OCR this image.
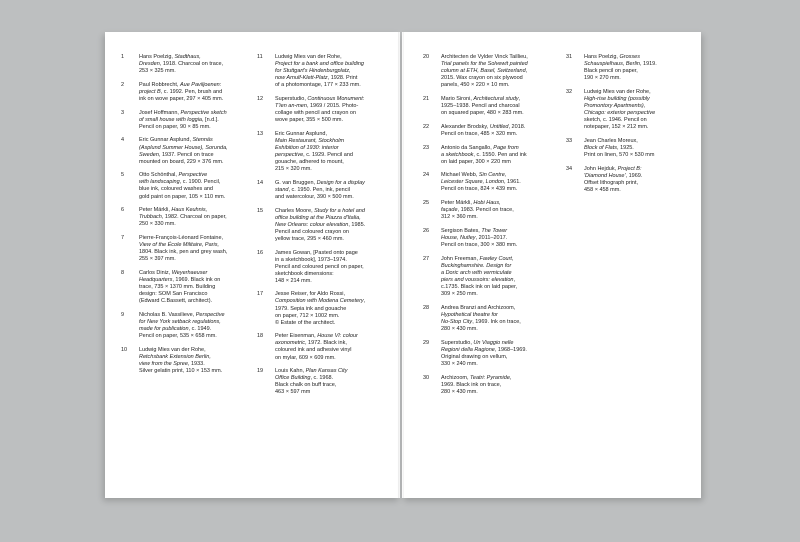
1	Hans Poelzig, Stadthaus,
Dresden, 1918. Charcoal on trace,
253 × 325 mm.
2	Paul Robbrecht, Aue Paviljoenen:
project B, c. 1992. Pen, brush and
ink on wove paper, 297 × 405 mm.
3	Josef Hoffmann, Perspective sketch
of small house with loggia, [n.d.].
Pencil on paper, 90 × 85 mm.
4	Eric Gunnar Asplund, Stennäs
(Asplund Summer House), Sorunda,
Sweden, 1937. Pencil on trace
mounted on board, 229 × 376 mm.
5	Otto Schönthal, Perspective
with landscaping, c. 1900. Pencil,
blue ink, coloured washes and
gold paint on paper, 105 × 110 mm.
6	Peter Märkli, Haus Keuhnis,
Trubbach, 1982. Charcoal on paper,
250 × 330 mm.
7	Pierre-François-Léonard Fontaine,
View of the École Militaire, Paris,
1804. Black ink, pen and grey wash,
255 × 397 mm.
8	Carlos Diniz, Weyerhaeuser
Headquarters, 1969. Black ink on
trace, 735 × 1370 mm. Building
design: SOM San Francisco
(Edward C.Bassett, architect).
9	Nicholas B. Vassilieve, Perspective
for New York setback regulations,
made for publication, c. 1949.
Pencil on paper, 535 × 658 mm.
10	Ludwig Mies van der Rohe,
Retchsbank Extension Berlin,
view from the Spree, 1933.
Silver gelatin print, 110 × 153 mm.
11	Ludwig Mies van der Rohe,
Project for a bank and office building
for Stuttgart's Hindenburgplatz,
now Arnulf-Klett-Platz, 1928. Print
of a photomontage, 177 × 233 mm.
12	Superstudio, Continuous Monument:
T'ien an-men, 1969 / 2015. Photo-
collage with pencil and crayon on
wove paper, 355 × 500 mm.
13	Eric Gunnar Asplund,
Main Restaurant, Stockholm
Exhibition of 1930: interior
perspective, c. 1929. Pencil and
gouache, adhered to mount,
215 × 320 mm.
14	G. van Bruggen, Design for a display
stand, c. 1950. Pen, ink, pencil
and watercolour, 390 × 500 mm.
15	Charles Moore, Study for a hotel and
office building at the Piazza d'Italia,
New Orleans: colour elevation, 1985.
Pencil and coloured crayon on
yellow trace, 295 × 460 mm.
16	James Gowan, [Pasted onto page
in a sketchbook], 1973–1974.
Pencil and coloured pencil on paper,
sketchbook dimensions:
148 × 214 mm.
17	Jesse Reiser, for Aldo Rossi,
Composition with Modena Cemetery,
1979. Sepia ink and gouache
on paper, 712 × 1002 mm.
© Estate of the architect.
18	Peter Eisenman, House VI: colour
axonometric, 1972. Black ink,
coloured ink and adhesive vinyl
on mylar, 609 × 609 mm.
19	Louis Kahn, Plan Kansas City
Office Building, c. 1968.
Black chalk on buff trace,
463 × 597 mm
20	Architecten de Vylder Vinck Taillieu,
Trial panels for the Solvewit painted
column at ETH, Basel, Switzerland,
2015. Wax crayon on six plywood
panels, 450 × 220 × 10 mm.
21	Mario Sironi, Architectural study,
1925–1938. Pencil and charcoal
on squared paper, 480 × 283 mm.
22	Alexander Brodsky, Untitled, 2018.
Pencil on trace, 485 × 320 mm.
23	Antonio da Sangallo, Page from
a sketchbook, c. 1550. Pen and ink
on laid paper, 300 × 220 mm
24	Michael Webb, Sin Centre,
Leicester Square, London, 1961.
Pencil on trace, 824 × 439 mm.
25	Peter Märkli, Hobi Haus,
façade, 1983. Pencil on trace,
312 × 360 mm.
26	Sergison Bates, The Tower
House, Nutley, 2011–2017.
Pencil on trace, 300 × 380 mm.
27	John Freeman, Fawley Court,
Buckinghamshire. Design for
a Doric arch with vermiculate
piers and voussoirs: elevation,
c.1735. Black ink on laid paper,
309 × 250 mm.
28	Andrea Branzi and Archizoom,
Hypothetical theatre for
No-Stop City, 1969. Ink on trace,
280 × 430 mm.
29	Superstudio, Un Viaggio nelle
Regioni della Ragione, 1968–1969.
Original drawing on vellum,
330 × 240 mm.
30	Archizoom, Teatri: Pyramide,
1969. Black ink on trace,
280 × 430 mm.
31	Hans Poelzig, Grosses
Schauspielhaus, Berlin, 1919.
Black pencil on paper,
190 × 270 mm.
32	Ludwig Mies van der Rohe,
High-rise building (possibly
Promontory Apartments),
Chicago: exterior perspective
sketch, c. 1946. Pencil on
notepaper, 152 × 212 mm.
33	Jean Charles Moreux,
Block of Flats, 1925.
Print on linen, 570 × 530 mm
34	John Hejduk, Project B:
'Diamond House', 1969.
Offset lithograph print,
458 × 458 mm.
